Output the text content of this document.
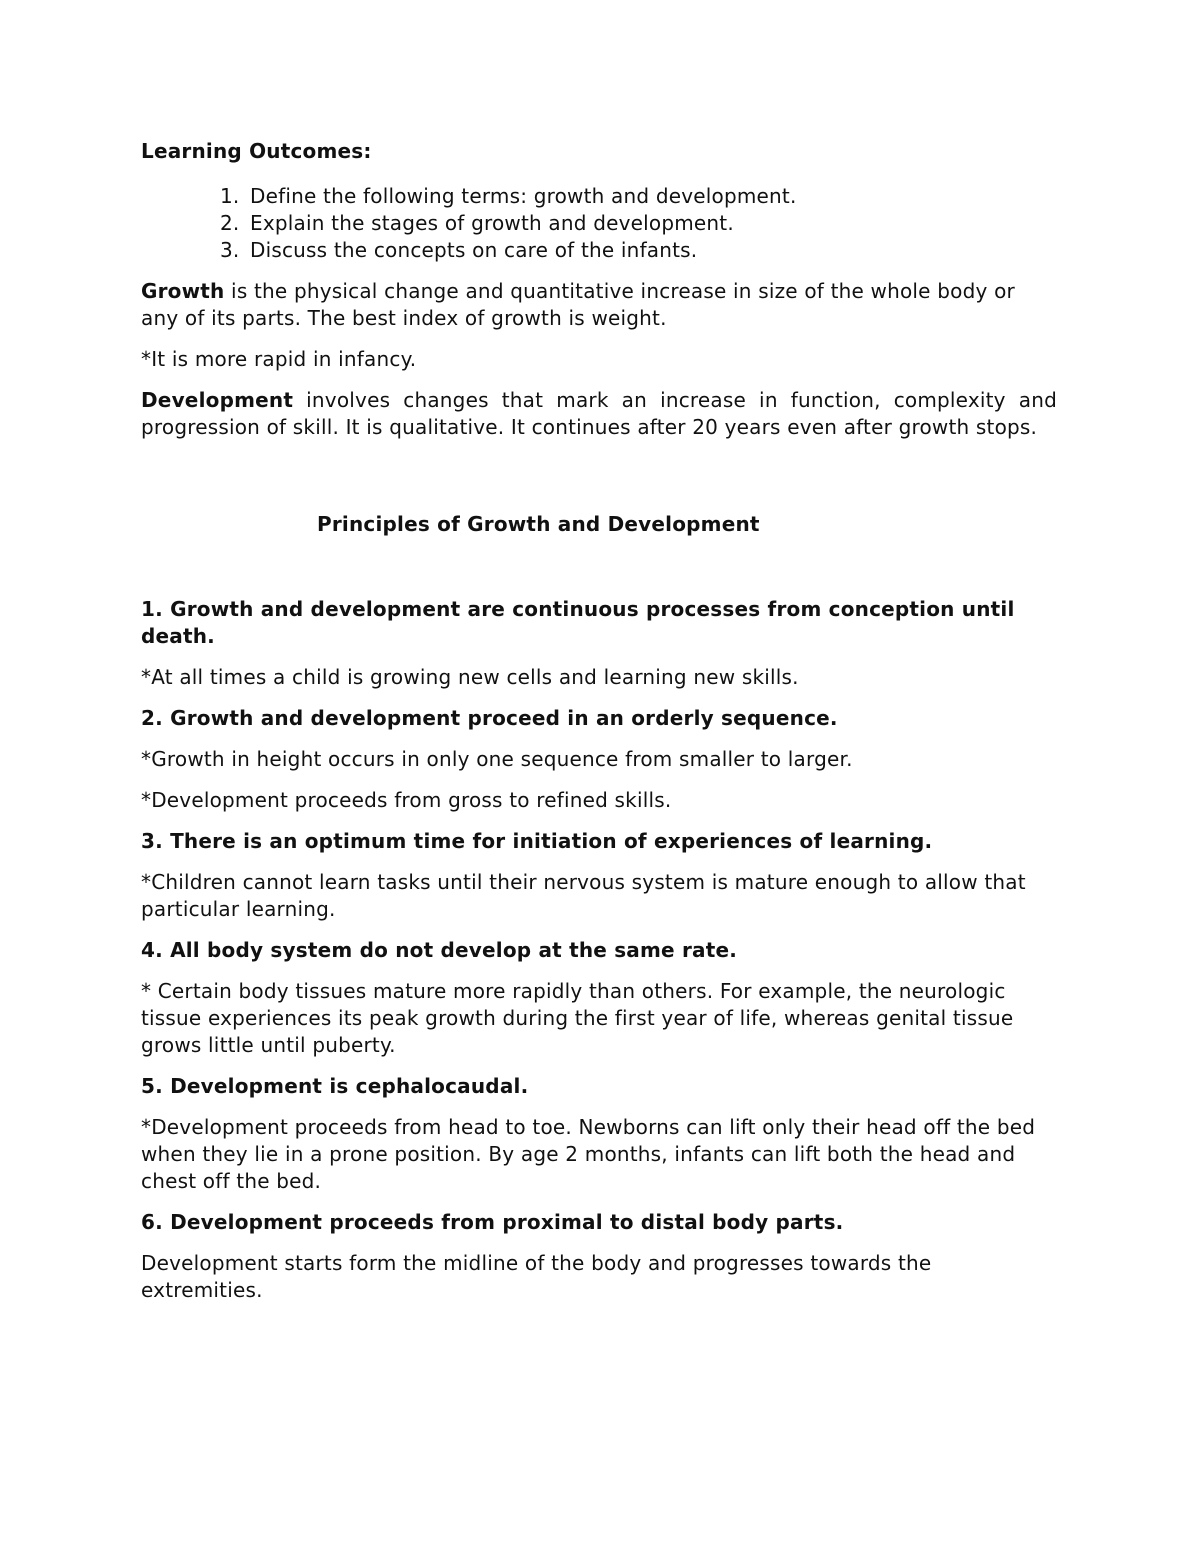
Learning Outcomes:

1. Define the following terms: growth and development.
2. Explain the stages of growth and development.
3. Discuss the concepts on care of the infants.

Growth is the physical change and quantitative increase in size of the whole body or any of its parts. The best index of growth is weight.

*It is more rapid in infancy.

Development involves changes that mark an increase in function, complexity and progression of skill. It is qualitative. It continues after 20 years even after growth stops.

Principles of Growth and Development

1. Growth and development are continuous processes from conception until death.

*At all times a child is growing new cells and learning new skills.

2. Growth and development proceed in an orderly sequence.

*Growth in height occurs in only one sequence from smaller to larger.

*Development proceeds from gross to refined skills.

3. There is an optimum time for initiation of experiences of learning.

*Children cannot learn tasks until their nervous system is mature enough to allow that particular learning.

4. All body system do not develop at the same rate.

* Certain body tissues mature more rapidly than others. For example, the neurologic tissue experiences its peak growth during the first year of life, whereas genital tissue grows little until puberty.

5. Development is cephalocaudal.

*Development proceeds from head to toe. Newborns can lift only their head off the bed when they lie in a prone position. By age 2 months, infants can lift both the head and chest off the bed.

6. Development proceeds from proximal to distal body parts.

Development starts form the midline of the body and progresses towards the extremities.
